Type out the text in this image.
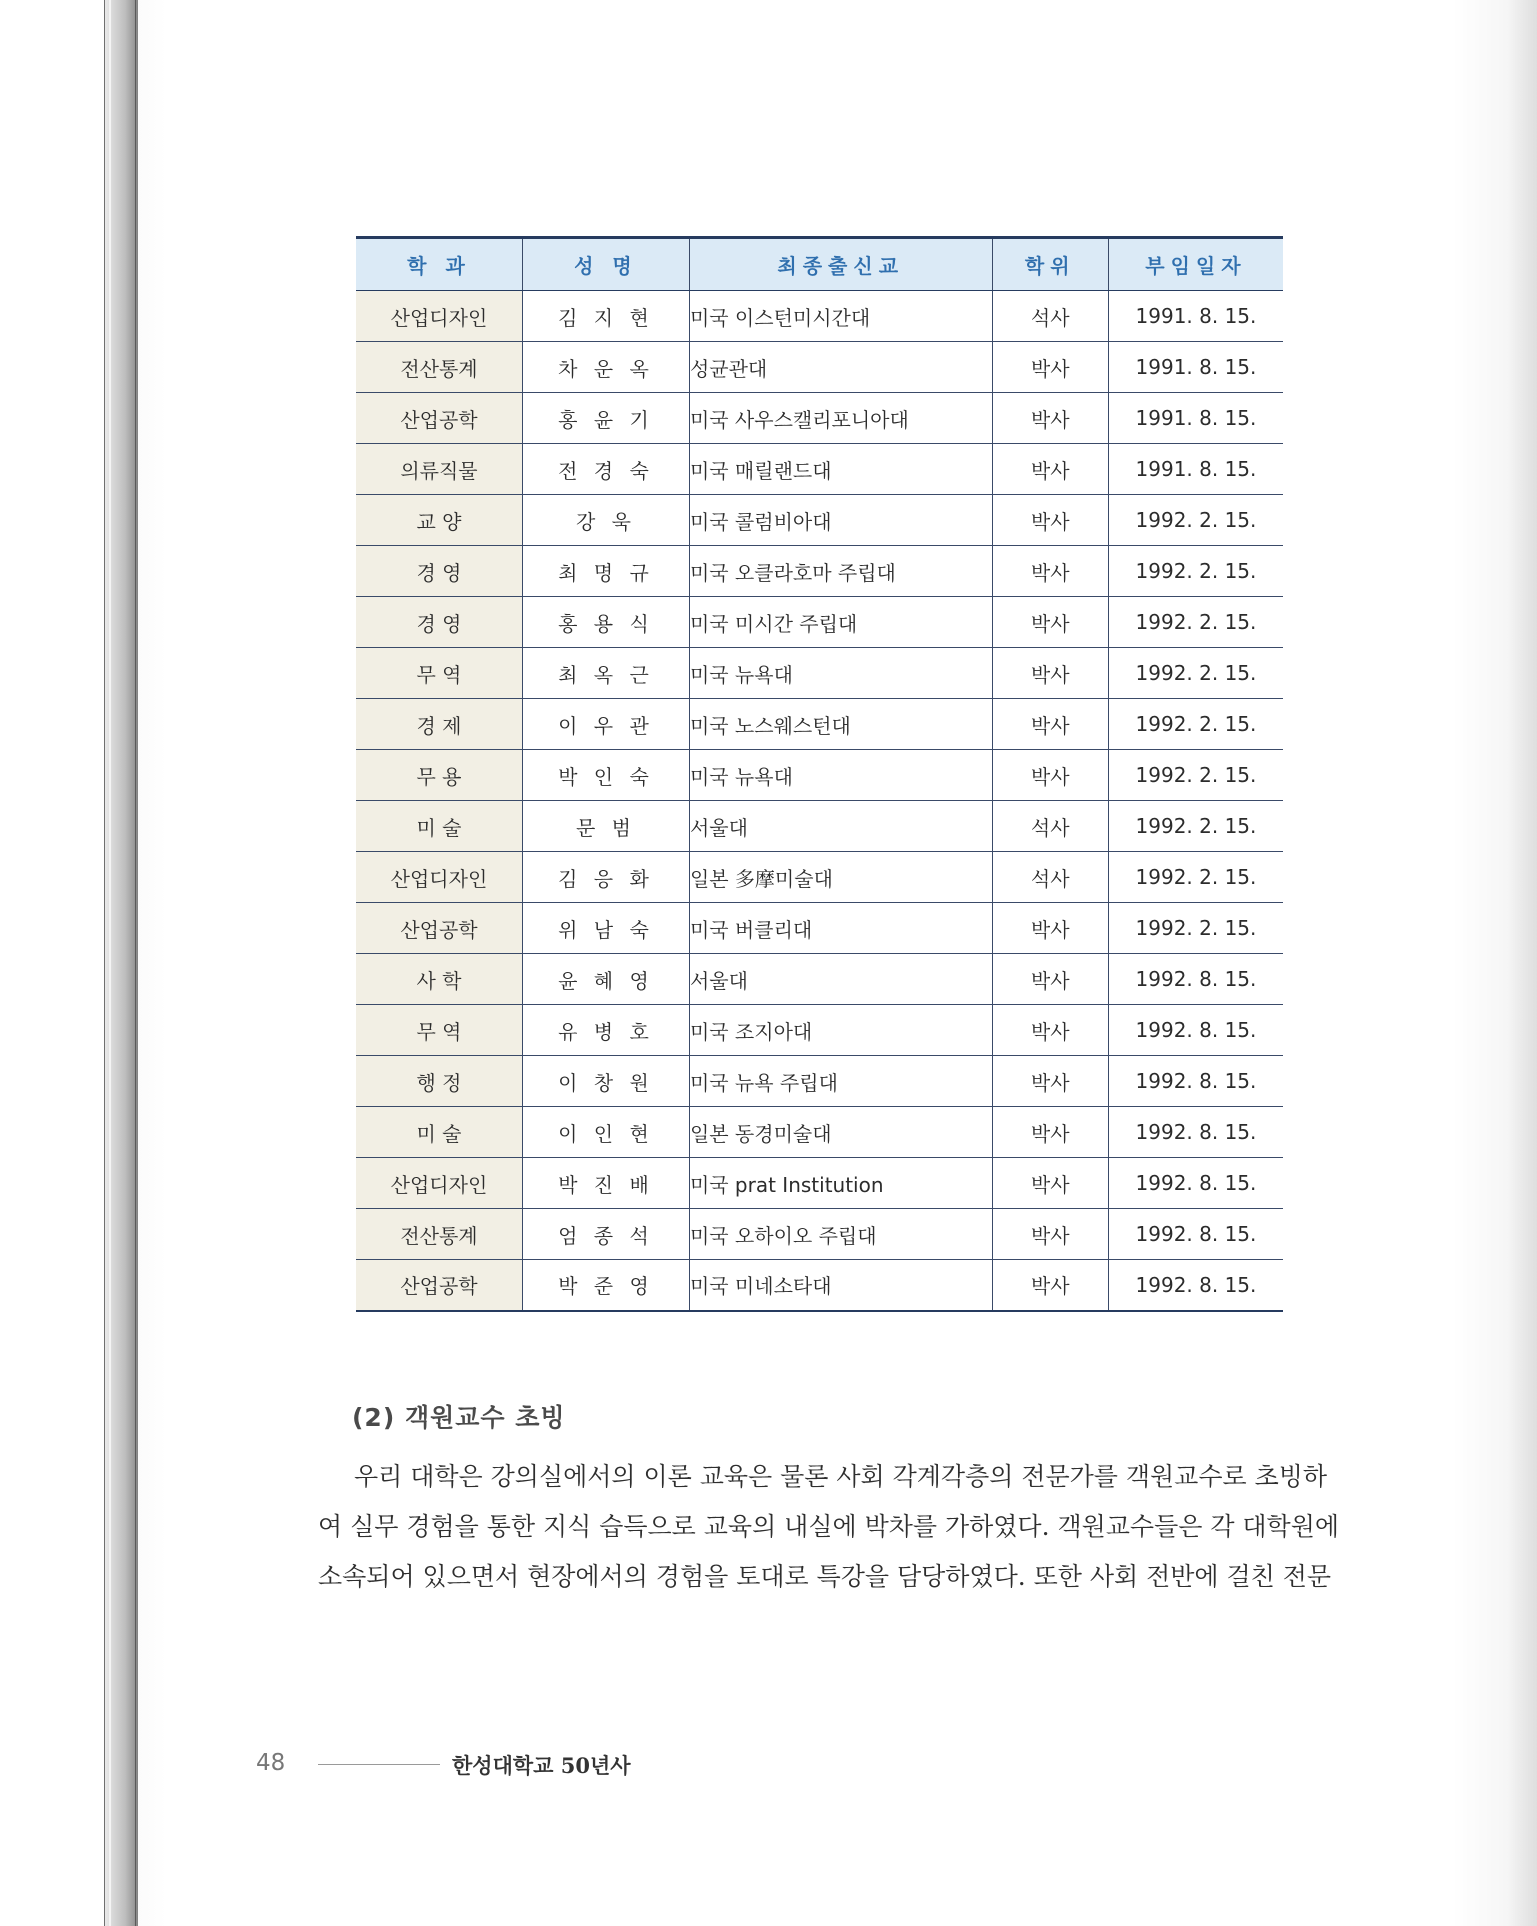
학 과	성 명	최종출신교	학위	부임일자
산업디자인	김 지 현	미국 이스턴미시간대	석사	1991. 8. 15.
전산통계	차 운 옥	성균관대	박사	1991. 8. 15.
산업공학	홍 윤 기	미국 사우스캘리포니아대	박사	1991. 8. 15.
의류직물	전 경 숙	미국 매릴랜드대	박사	1991. 8. 15.
교 양	강 욱	미국 콜럼비아대	박사	1992. 2. 15.
경 영	최 명 규	미국 오클라호마 주립대	박사	1992. 2. 15.
경 영	홍 용 식	미국 미시간 주립대	박사	1992. 2. 15.
무 역	최 옥 근	미국 뉴욕대	박사	1992. 2. 15.
경 제	이 우 관	미국 노스웨스턴대	박사	1992. 2. 15.
무 용	박 인 숙	미국 뉴욕대	박사	1992. 2. 15.
미 술	문 범	서울대	석사	1992. 2. 15.
산업디자인	김 응 화	일본 多摩미술대	석사	1992. 2. 15.
산업공학	위 남 숙	미국 버클리대	박사	1992. 2. 15.
사 학	윤 혜 영	서울대	박사	1992. 8. 15.
무 역	유 병 호	미국 조지아대	박사	1992. 8. 15.
행 정	이 창 원	미국 뉴욕 주립대	박사	1992. 8. 15.
미 술	이 인 현	일본 동경미술대	박사	1992. 8. 15.
산업디자인	박 진 배	미국 prat Institution	박사	1992. 8. 15.
전산통계	엄 종 석	미국 오하이오 주립대	박사	1992. 8. 15.
산업공학	박 준 영	미국 미네소타대	박사	1992. 8. 15.
(2) 객원교수 초빙
우리 대학은 강의실에서의 이론 교육은 물론 사회 각계각층의 전문가를 객원교수로 초빙하
여 실무 경험을 통한 지식 습득으로 교육의 내실에 박차를 가하였다. 객원교수들은 각 대학원에
소속되어 있으면서 현장에서의 경험을 토대로 특강을 담당하였다. 또한 사회 전반에 걸친 전문
48	한성대학교 50년사
